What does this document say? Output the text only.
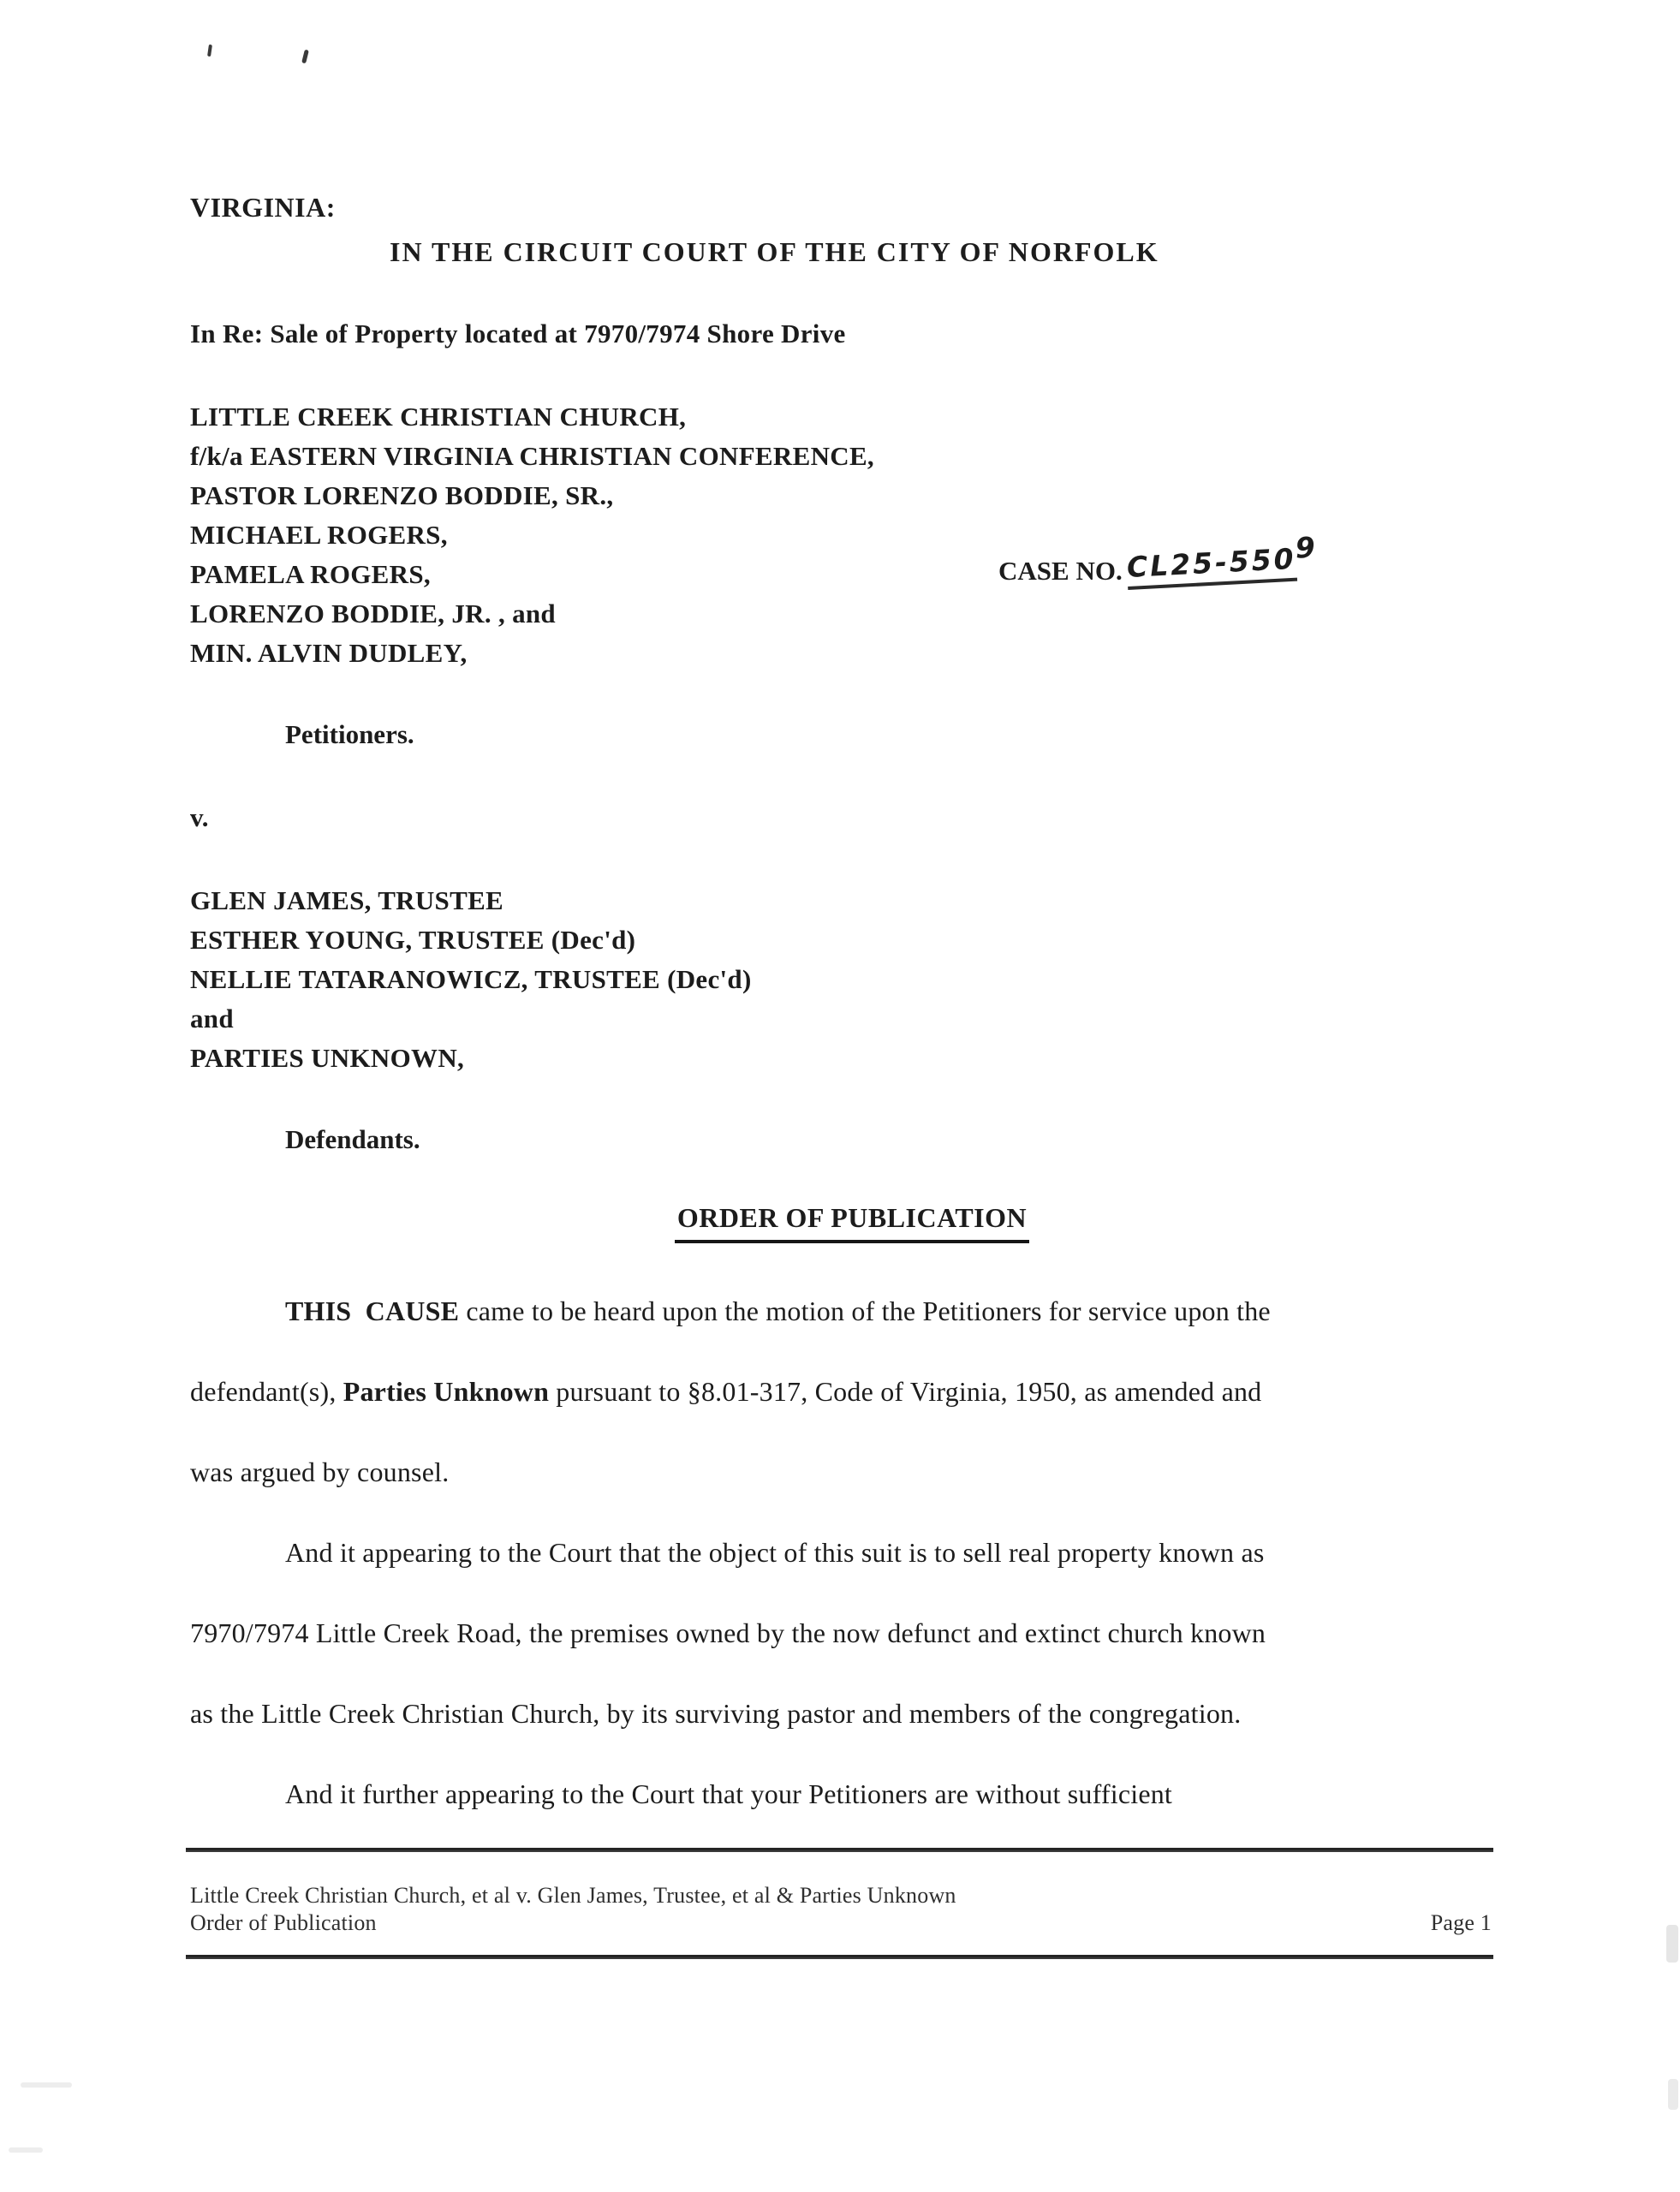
VIRGINIA:
IN THE CIRCUIT COURT OF THE CITY OF NORFOLK
In Re: Sale of Property located at 7970/7974 Shore Drive
LITTLE CREEK CHRISTIAN CHURCH,
f/k/a EASTERN VIRGINIA CHRISTIAN CONFERENCE,
PASTOR LORENZO BODDIE, SR.,
MICHAEL ROGERS,
PAMELA ROGERS,
LORENZO BODDIE, JR. , and
MIN. ALVIN DUDLEY,
CASE NO. CL25-5509
Petitioners.
v.
GLEN JAMES, TRUSTEE
ESTHER YOUNG, TRUSTEE (Dec'd)
NELLIE TATARANOWICZ, TRUSTEE (Dec'd)
and
PARTIES UNKNOWN,
Defendants.
ORDER OF PUBLICATION
THIS  CAUSE came to be heard upon the motion of the Petitioners for service upon the
defendant(s), Parties Unknown pursuant to §8.01-317, Code of Virginia, 1950, as amended and
was argued by counsel.
And it appearing to the Court that the object of this suit is to sell real property known as
7970/7974 Little Creek Road, the premises owned by the now defunct and extinct church known
as the Little Creek Christian Church, by its surviving pastor and members of the congregation.
And it further appearing to the Court that your Petitioners are without sufficient
Little Creek Christian Church, et al v. Glen James, Trustee, et al & Parties Unknown
Order of Publication	Page 1
